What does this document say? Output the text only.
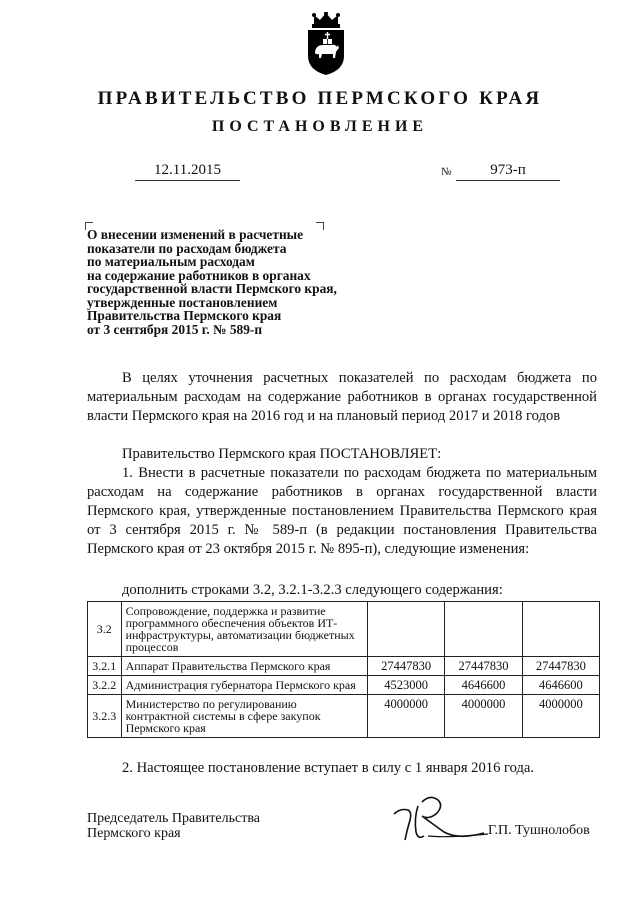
ПРАВИТЕЛЬСТВО ПЕРМСКОГО КРАЯ
ПОСТАНОВЛЕНИЕ
12.11.2015	№	973-п
О внесении изменений в расчетные
показатели по расходам бюджета
по материальным расходам
на содержание работников в органах
государственной власти Пермского края,
утвержденные постановлением
Правительства Пермского края
от 3 сентября 2015 г. № 589-п
В целях уточнения расчетных показателей по расходам бюджета по материальным расходам на содержание работников в органах государственной власти Пермского края на 2016 год и на плановый период 2017 и 2018 годов
Правительство Пермского края ПОСТАНОВЛЯЕТ:
1. Внести в расчетные показатели по расходам бюджета по материальным расходам на содержание работников в органах государственной власти Пермского края, утвержденные постановлением Правительства Пермского края от 3 сентября 2015 г. № 589-п (в редакции постановления Правительства Пермского края от 23 октября 2015 г. № 895-п), следующие изменения:
дополнить строками 3.2, 3.2.1-3.2.3 следующего содержания:
3.2	Сопровождение, поддержка и развитие программного обеспечения объектов ИТ-инфраструктуры, автоматизации бюджетных процессов			
3.2.1	Аппарат Правительства Пермского края	27447830	27447830	27447830
3.2.2	Администрация губернатора Пермского края	4523000	4646600	4646600
3.2.3	Министерство по регулированию контрактной системы в сфере закупок Пермского края	4000000	4000000	4000000
2. Настоящее постановление вступает в силу с 1 января 2016 года.
Председатель Правительства
Пермского края	Г.П. Тушнолобов
